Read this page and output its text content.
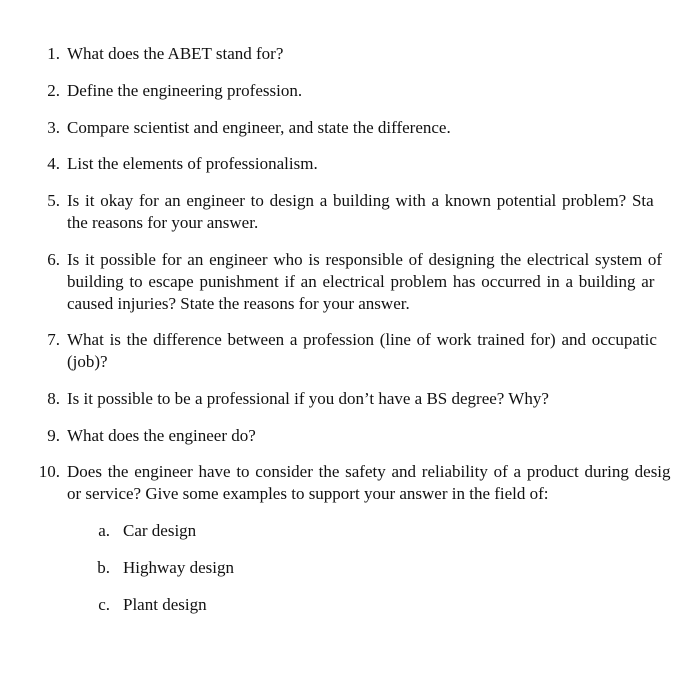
1. What does the ABET stand for?
2. Define the engineering profession.
3. Compare scientist and engineer, and state the difference.
4. List the elements of professionalism.
5. Is it okay for an engineer to design a building with a known potential problem? Sta
the reasons for your answer.
6. Is it possible for an engineer who is responsible of designing the electrical system of
building to escape punishment if an electrical problem has occurred in a building ar
caused injuries? State the reasons for your answer.
7. What is the difference between a profession (line of work trained for) and occupatic
(job)?
8. Is it possible to be a professional if you don’t have a BS degree? Why?
9. What does the engineer do?
10. Does the engineer have to consider the safety and reliability of a product during desig
or service? Give some examples to support your answer in the field of:
a. Car design
b. Highway design
c. Plant design
